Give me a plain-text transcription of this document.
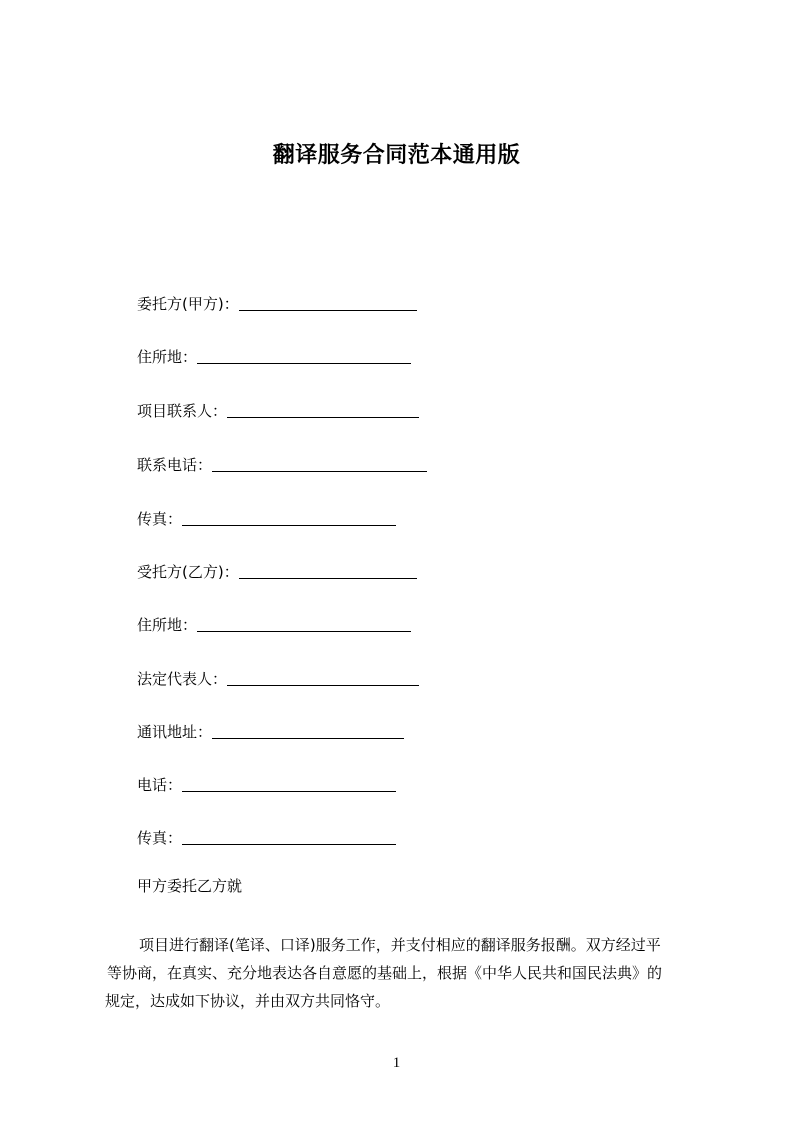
翻译服务合同范本通用版
委托方(甲方)：
住所地：
项目联系人：
联系电话：
传真：
受托方(乙方)：
住所地：
法定代表人：
通讯地址：
电话：
传真：
甲方委托乙方就
项目进行翻译(笔译、口译)服务工作，并支付相应的翻译服务报酬。双方经过平
等协商，在真实、充分地表达各自意愿的基础上，根据《中华人民共和国民法典》的
规定，达成如下协议，并由双方共同恪守。
1
